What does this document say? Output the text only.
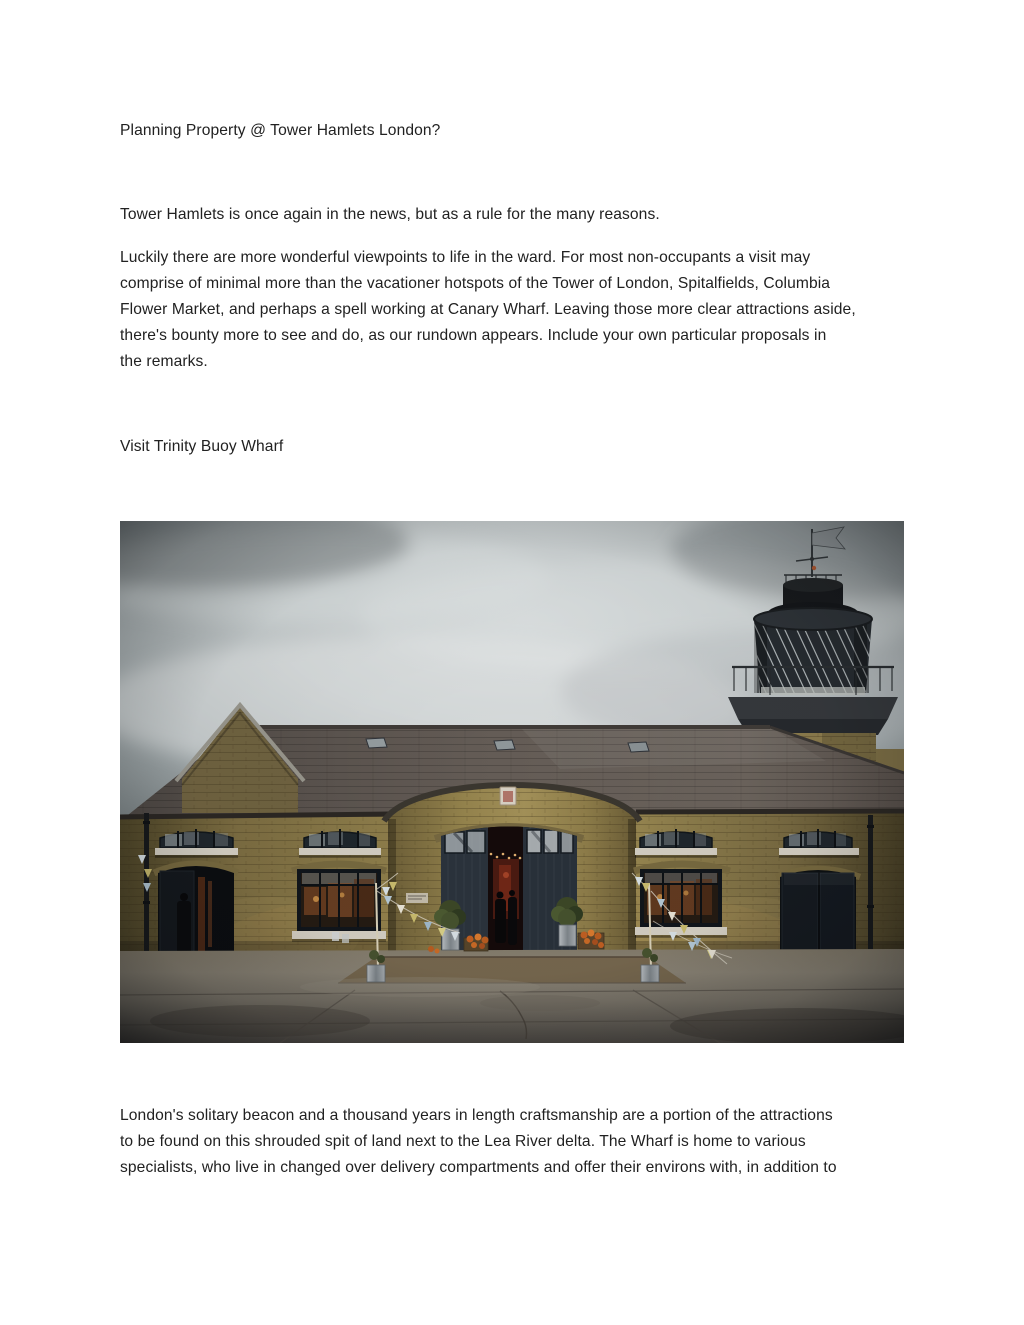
Planning Property @ Tower Hamlets London?
Tower Hamlets is once again in the news, but as a rule for the many reasons.
Luckily there are more wonderful viewpoints to life in the ward. For most non-occupants a visit may
comprise of minimal more than the vacationer hotspots of the Tower of London, Spitalfields, Columbia
Flower Market, and perhaps a spell working at Canary Wharf. Leaving those more clear attractions aside,
there's bounty more to see and do, as our rundown appears. Include your own particular proposals in
the remarks.
Visit Trinity Buoy Wharf
London's solitary beacon and a thousand years in length craftsmanship are a portion of the attractions
to be found on this shrouded spit of land next to the Lea River delta. The Wharf is home to various
specialists, who live in changed over delivery compartments and offer their environs with, in addition to
